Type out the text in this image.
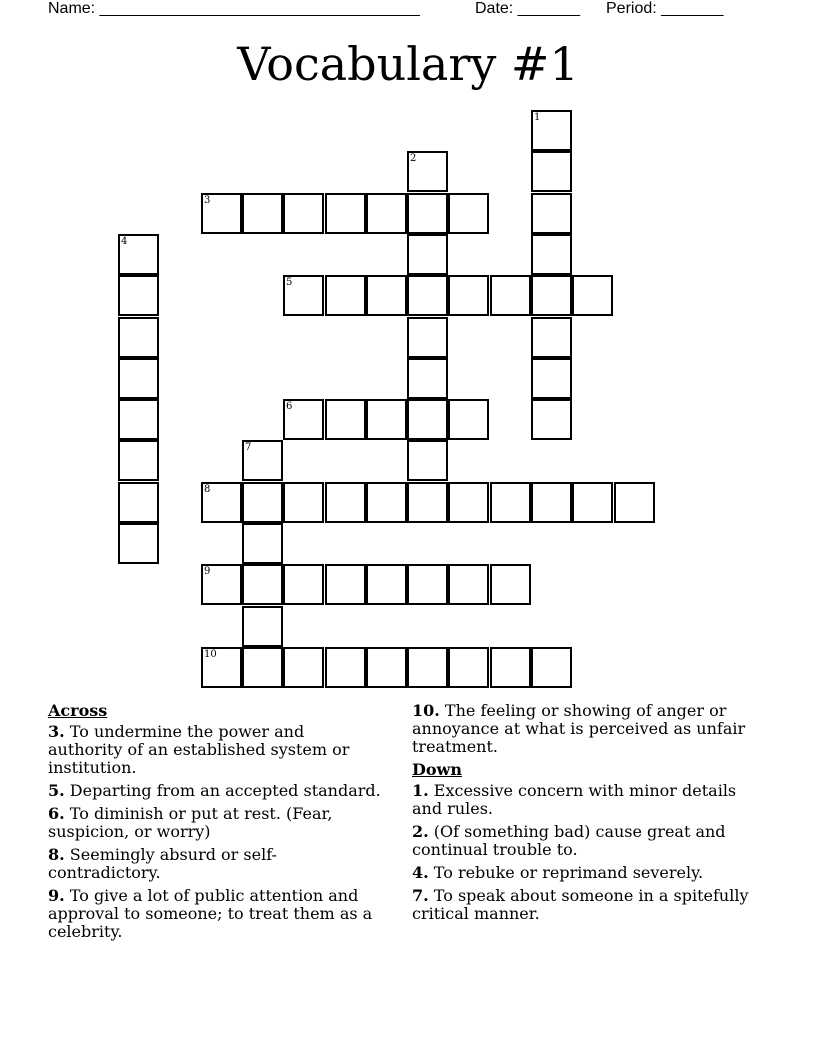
Name: ____________________________________	Date: _______ Period: _______
Vocabulary #1
1
2
3
4
5
6
7
8
9
10
Across
3. To undermine the power and authority of an established system or institution.
5. Departing from an accepted standard.
6. To diminish or put at rest. (Fear, suspicion, or worry)
8. Seemingly absurd or self-contradictory.
9. To give a lot of public attention and approval to someone; to treat them as a celebrity.
10. The feeling or showing of anger or annoyance at what is perceived as unfair treatment.
Down
1. Excessive concern with minor details and rules.
2. (Of something bad) cause great and continual trouble to.
4. To rebuke or reprimand severely.
7. To speak about someone in a spitefully critical manner.
